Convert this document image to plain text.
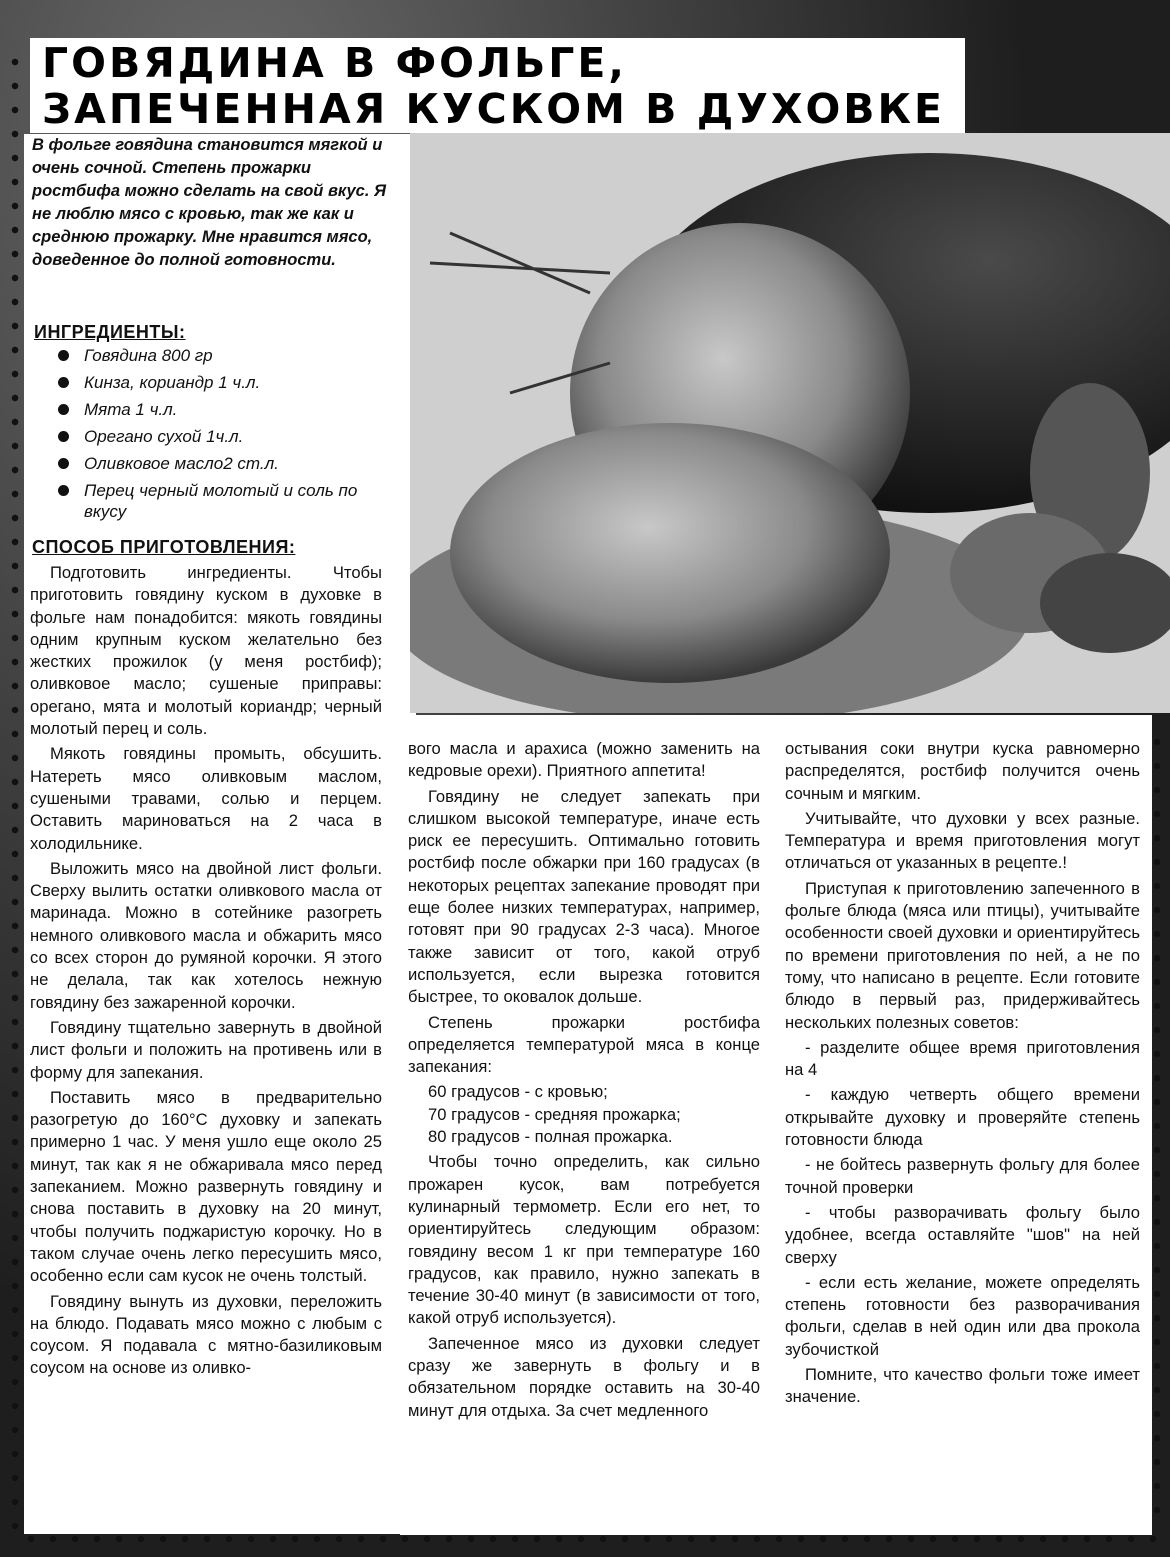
ГОВЯДИНА В ФОЛЬГЕ,
ЗАПЕЧЕННАЯ КУСКОМ В ДУХОВКЕ

В фольге говядина становится мягкой и очень сочной. Степень прожарки ростбифа можно сделать на свой вкус. Я не люблю мясо с кровью, так же как и среднюю прожарку. Мне нравится мясо, доведенное до полной готовности.

ИНГРЕДИЕНТЫ:
Говядина 800 гр
Кинза, кориандр 1 ч.л.
Мята 1 ч.л.
Орегано сухой 1ч.л.
Оливковое масло2 ст.л.
Перец черный молотый и соль по вкусу
СПОСОБ ПРИГОТОВЛЕНИЯ:

Подготовить ингредиенты. Чтобы приготовить говядину куском в духовке в фольге нам понадобится: мякоть говядины одним крупным куском желательно без жестких прожилок (у меня ростбиф); оливковое масло; сушеные приправы: орегано, мята и молотый кориандр; черный молотый перец и соль.

Мякоть говядины промыть, обсушить. Натереть мясо оливковым маслом, сушеными травами, солью и перцем. Оставить мариноваться на 2 часа в холодильнике.

Выложить мясо на двойной лист фольги. Сверху вылить остатки оливкового масла от маринада. Можно в сотейнике разогреть немного оливкового масла и обжарить мясо со всех сторон до румяной корочки. Я этого не делала, так как хотелось нежную говядину без зажаренной корочки.

Говядину тщательно завернуть в двойной лист фольги и положить на противень или в форму для запекания.

Поставить мясо в предварительно разогретую до 160°С духовку и запекать примерно 1 час. У меня ушло еще около 25 минут, так как я не обжаривала мясо перед запеканием. Можно развернуть говядину и снова поставить в духовку на 20 минут, чтобы получить поджаристую корочку. Но в таком случае очень легко пересушить мясо, особенно если сам кусок не очень толстый.

Говядину вынуть из духовки, переложить на блюдо. Подавать мясо можно с любым с соусом. Я подавала с мятно-базиликовым соусом на основе из оливко-

вого масла и арахиса (можно заменить на кедровые орехи). Приятного аппетита!

Говядину не следует запекать при слишком высокой температуре, иначе есть риск ее пересушить. Оптимально готовить ростбиф после обжарки при 160 градусах (в некоторых рецептах запекание проводят при еще более низких температурах, например, готовят при 90 градусах 2-3 часа). Многое также зависит от того, какой отруб используется, если вырезка готовится быстрее, то оковалок дольше.

Степень прожарки ростбифа определяется температурой мяса в конце запекания:

60 градусов - с кровью;

70 градусов - средняя прожарка;

80 градусов - полная прожарка.

Чтобы точно определить, как сильно прожарен кусок, вам потребуется кулинарный термометр. Если его нет, то ориентируйтесь следующим образом: говядину весом 1 кг при температуре 160 градусов, как правило, нужно запекать в течение 30-40 минут (в зависимости от того, какой отруб используется).

Запеченное мясо из духовки следует сразу же завернуть в фольгу и в обязательном порядке оставить на 30-40 минут для отдыха. За счет медленного

остывания соки внутри куска равномерно распределятся, ростбиф получится очень сочным и мягким.

Учитывайте, что духовки у всех разные. Температура и время приготовления могут отличаться от указанных в рецепте.!

Приступая к приготовлению запеченного в фольге блюда (мяса или птицы), учитывайте особенности своей духовки и ориентируйтесь по времени приготовления по ней, а не по тому, что написано в рецепте. Если готовите блюдо в первый раз, придерживайтесь нескольких полезных советов:

- разделите общее время приготовления на 4

- каждую четверть общего времени открывайте духовку и проверяйте степень готовности блюда

- не бойтесь развернуть фольгу для более точной проверки

- чтобы разворачивать фольгу было удобнее, всегда оставляйте "шов" на ней сверху

- если есть желание, можете определять степень готовности без разворачивания фольги, сделав в ней один или два прокола зубочисткой

Помните, что качество фольги тоже имеет значение.
